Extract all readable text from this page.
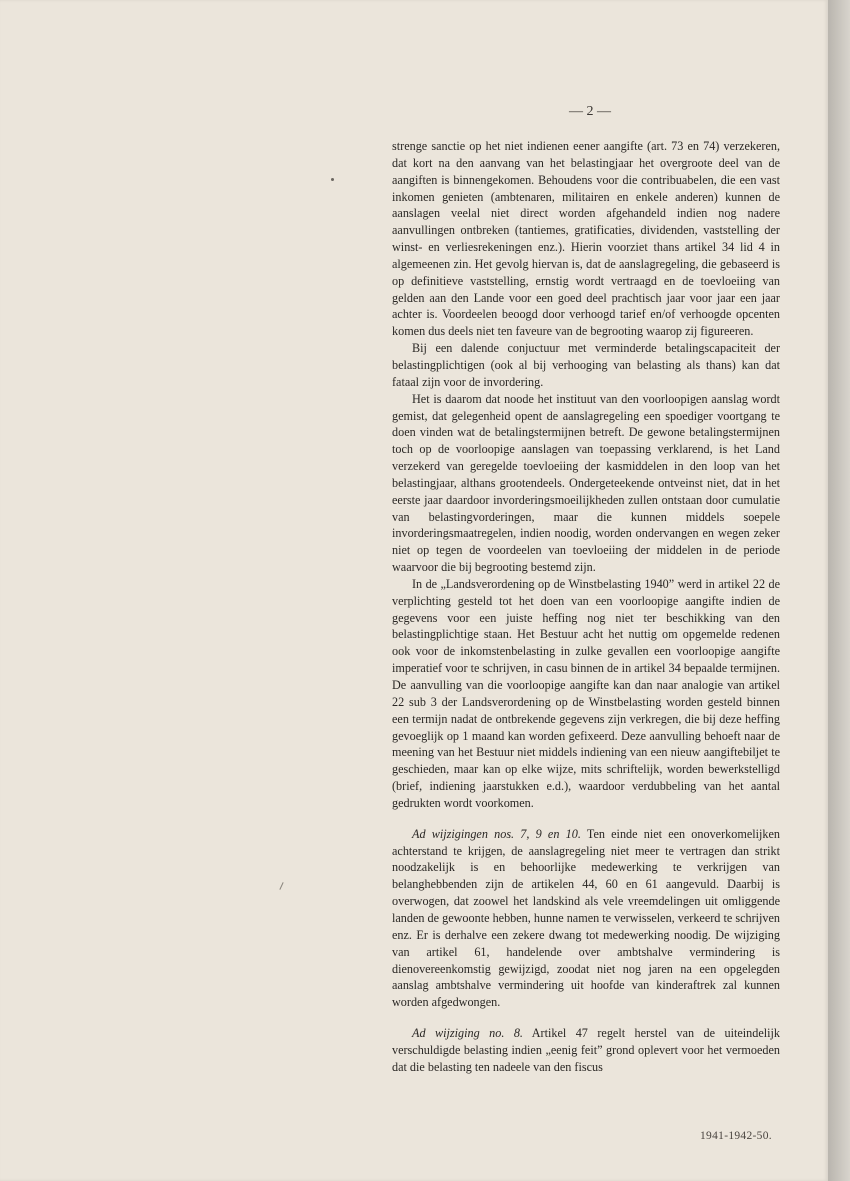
— 2 —

strenge sanctie op het niet indienen eener aangifte (art. 73 en 74) verzekeren, dat kort na den aanvang van het belastingjaar het overgroote deel van de aangiften is binnengekomen. Behoudens voor die contribuabelen, die een vast inkomen genieten (ambtenaren, militairen en enkele anderen) kunnen de aanslagen veelal niet direct worden afgehandeld indien nog nadere aanvullingen ontbreken (tantiemes, gratificaties, dividenden, vaststelling der winst- en verliesrekeningen enz.). Hierin voorziet thans artikel 34 lid 4 in algemeenen zin. Het gevolg hiervan is, dat de aanslagregeling, die gebaseerd is op definitieve vaststelling, ernstig wordt vertraagd en de toevloeiing van gelden aan den Lande voor een goed deel prachtisch jaar voor jaar een jaar achter is. Voordeelen beoogd door verhoogd tarief en/of verhoogde opcenten komen dus deels niet ten faveure van de begrooting waarop zij figureeren.

Bij een dalende conjuctuur met verminderde betalingscapaciteit der belastingplichtigen (ook al bij verhooging van belasting als thans) kan dat fataal zijn voor de invordering.

Het is daarom dat noode het instituut van den voorloopigen aanslag wordt gemist, dat gelegenheid opent de aanslagregeling een spoediger voortgang te doen vinden wat de betalingstermijnen betreft. De gewone betalingstermijnen toch op de voorloopige aanslagen van toepassing verklarend, is het Land verzekerd van geregelde toevloeiing der kasmiddelen in den loop van het belastingjaar, althans grootendeels. Ondergeteekende ontveinst niet, dat in het eerste jaar daardoor invorderingsmoeilijkheden zullen ontstaan door cumulatie van belastingvorderingen, maar die kunnen middels soepele invorderingsmaatregelen, indien noodig, worden ondervangen en wegen zeker niet op tegen de voordeelen van toevloeiing der middelen in de periode waarvoor die bij begrooting bestemd zijn.

In de „Landsverordening op de Winstbelasting 1940” werd in artikel 22 de verplichting gesteld tot het doen van een voorloopige aangifte indien de gegevens voor een juiste heffing nog niet ter beschikking van den belastingplichtige staan. Het Bestuur acht het nuttig om opgemelde redenen ook voor de inkomstenbelasting in zulke gevallen een voorloopige aangifte imperatief voor te schrijven, in casu binnen de in artikel 34 bepaalde termijnen. De aanvulling van die voorloopige aangifte kan dan naar analogie van artikel 22 sub 3 der Landsverordening op de Winstbelasting worden gesteld binnen een termijn nadat de ontbrekende gegevens zijn verkregen, die bij deze heffing gevoeglijk op 1 maand kan worden gefixeerd. Deze aanvulling behoeft naar de meening van het Bestuur niet middels indiening van een nieuw aangiftebiljet te geschieden, maar kan op elke wijze, mits schriftelijk, worden bewerkstelligd (brief, indiening jaarstukken e.d.), waardoor verdubbeling van het aantal gedrukten wordt voorkomen.

Ad wijzigingen nos. 7, 9 en 10. Ten einde niet een onoverkomelijken achterstand te krijgen, de aanslagregeling niet meer te vertragen dan strikt noodzakelijk is en behoorlijke medewerking te verkrijgen van belanghebbenden zijn de artikelen 44, 60 en 61 aangevuld. Daarbij is overwogen, dat zoowel het landskind als vele vreemdelingen uit omliggende landen de gewoonte hebben, hunne namen te verwisselen, verkeerd te schrijven enz. Er is derhalve een zekere dwang tot medewerking noodig. De wijziging van artikel 61, handelende over ambtshalve vermindering is dienovereenkomstig gewijzigd, zoodat niet nog jaren na een opgelegden aanslag ambtshalve vermindering uit hoofde van kinderaftrek zal kunnen worden afgedwongen.

Ad wijziging no. 8. Artikel 47 regelt herstel van de uiteindelijk verschuldigde belasting indien „eenig feit” grond oplevert voor het vermoeden dat die belasting ten nadeele van den fiscus

1941-1942-50.
